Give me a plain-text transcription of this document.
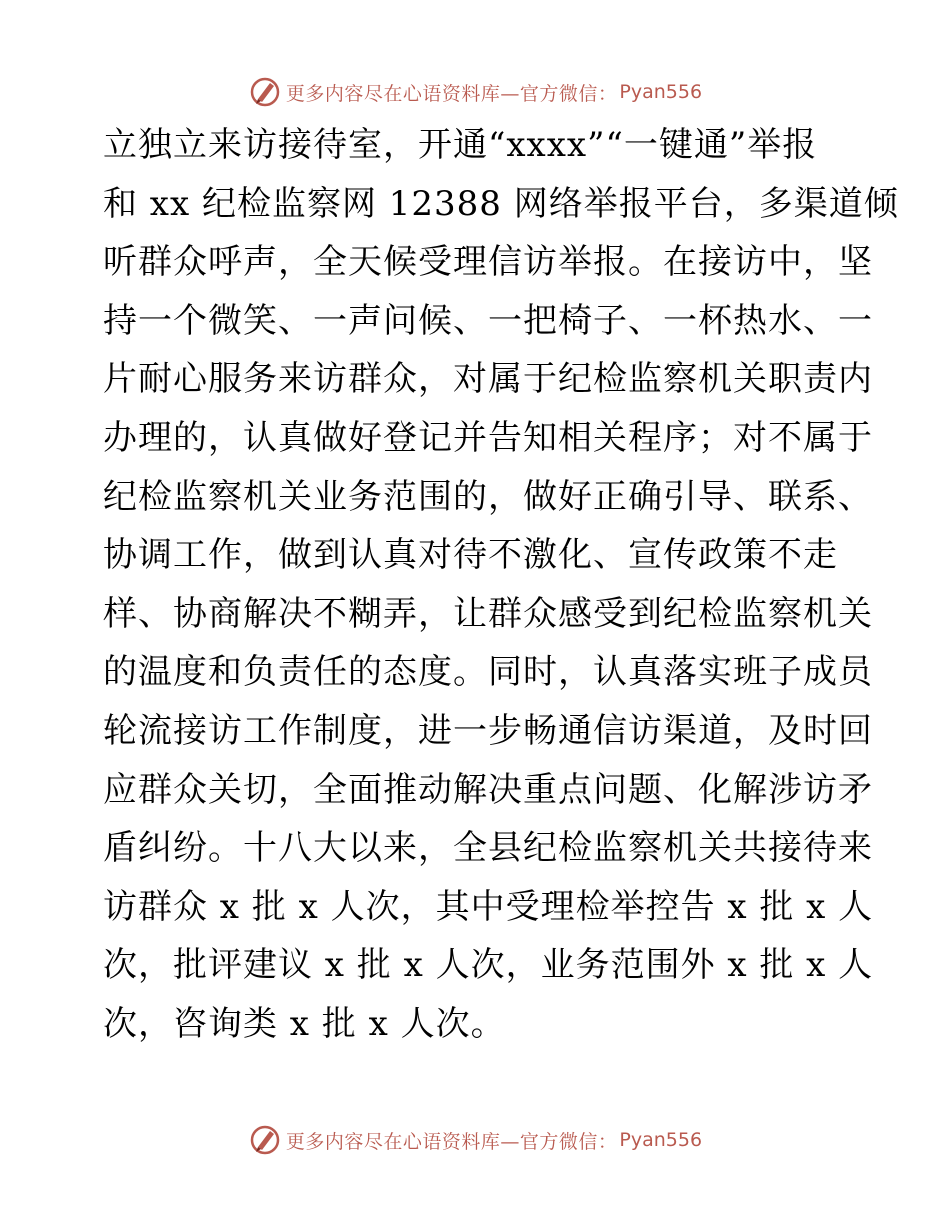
更多内容尽在心语资料库—官方微信： Pyan556
立独立来访接待室，开通“xxxx”“一键通”举报
和 xx 纪检监察网 12388 网络举报平台，多渠道倾
听群众呼声，全天候受理信访举报。在接访中，坚
持一个微笑、一声问候、一把椅子、一杯热水、一
片耐心服务来访群众，对属于纪检监察机关职责内
办理的，认真做好登记并告知相关程序；对不属于
纪检监察机关业务范围的，做好正确引导、联系、
协调工作，做到认真对待不激化、宣传政策不走
样、协商解决不糊弄，让群众感受到纪检监察机关
的温度和负责任的态度。同时，认真落实班子成员
轮流接访工作制度，进一步畅通信访渠道，及时回
应群众关切，全面推动解决重点问题、化解涉访矛
盾纠纷。十八大以来，全县纪检监察机关共接待来
访群众 x 批 x 人次，其中受理检举控告 x 批 x 人
次，批评建议 x 批 x 人次，业务范围外 x 批 x 人
次，咨询类 x 批 x 人次。
更多内容尽在心语资料库—官方微信： Pyan556
